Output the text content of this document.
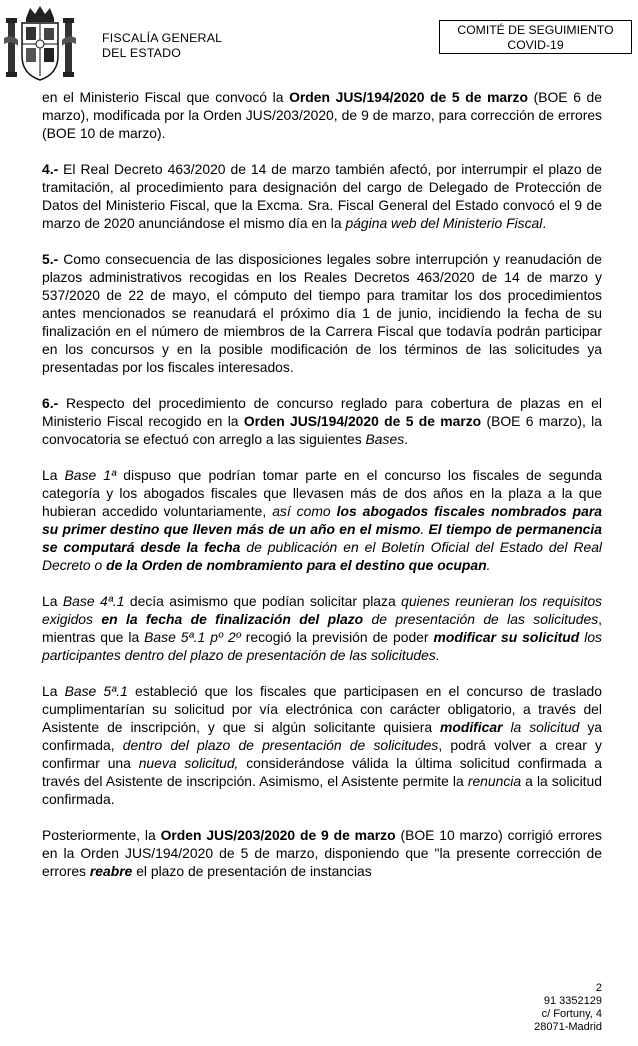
FISCALÍA GENERAL
DEL ESTADO
COMITÉ DE SEGUIMIENTO
COVID-19

en el Ministerio Fiscal que convocó la Orden JUS/194/2020 de 5 de marzo (BOE 6 de marzo), modificada por la Orden JUS/203/2020, de 9 de marzo, para corrección de errores (BOE 10 de marzo).

4.- El Real Decreto 463/2020 de 14 de marzo también afectó, por interrumpir el plazo de tramitación, al procedimiento para designación del cargo de Delegado de Protección de Datos del Ministerio Fiscal, que la Excma. Sra. Fiscal General del Estado convocó el 9 de marzo de 2020 anunciándose el mismo día en la página web del Ministerio Fiscal.

5.- Como consecuencia de las disposiciones legales sobre interrupción y reanudación de plazos administrativos recogidas en los Reales Decretos 463/2020 de 14 de marzo y 537/2020 de 22 de mayo, el cómputo del tiempo para tramitar los dos procedimientos antes mencionados se reanudará el próximo día 1 de junio, incidiendo la fecha de su finalización en el número de miembros de la Carrera Fiscal que todavía podrán participar en los concursos y en la posible modificación de los términos de las solicitudes ya presentadas por los fiscales interesados.

6.- Respecto del procedimiento de concurso reglado para cobertura de plazas en el Ministerio Fiscal recogido en la Orden JUS/194/2020 de 5 de marzo (BOE 6 marzo), la convocatoria se efectuó con arreglo a las siguientes Bases.

La Base 1ª dispuso que podrían tomar parte en el concurso los fiscales de segunda categoría y los abogados fiscales que llevasen más de dos años en la plaza a la que hubieran accedido voluntariamente, así como los abogados fiscales nombrados para su primer destino que lleven más de un año en el mismo. El tiempo de permanencia se computará desde la fecha de publicación en el Boletín Oficial del Estado del Real Decreto o de la Orden de nombramiento para el destino que ocupan.

La Base 4ª.1 decía asimismo que podían solicitar plaza quienes reunieran los requisitos exigidos en la fecha de finalización del plazo de presentación de las solicitudes, mientras que la Base 5ª.1 pº 2º recogió la previsión de poder modificar su solicitud los participantes dentro del plazo de presentación de las solicitudes.

La Base 5ª.1 estableció que los fiscales que participasen en el concurso de traslado cumplimentarían su solicitud por vía electrónica con carácter obligatorio, a través del Asistente de inscripción, y que si algún solicitante quisiera modificar la solicitud ya confirmada, dentro del plazo de presentación de solicitudes, podrá volver a crear y confirmar una nueva solicitud, considerándose válida la última solicitud confirmada a través del Asistente de inscripción. Asimismo, el Asistente permite la renuncia a la solicitud confirmada.

Posteriormente, la Orden JUS/203/2020 de 9 de marzo (BOE 10 marzo) corrigió errores en la Orden JUS/194/2020 de 5 de marzo, disponiendo que "la presente corrección de errores reabre el plazo de presentación de instancias

2
91 3352129
c/ Fortuny, 4
28071-Madrid
